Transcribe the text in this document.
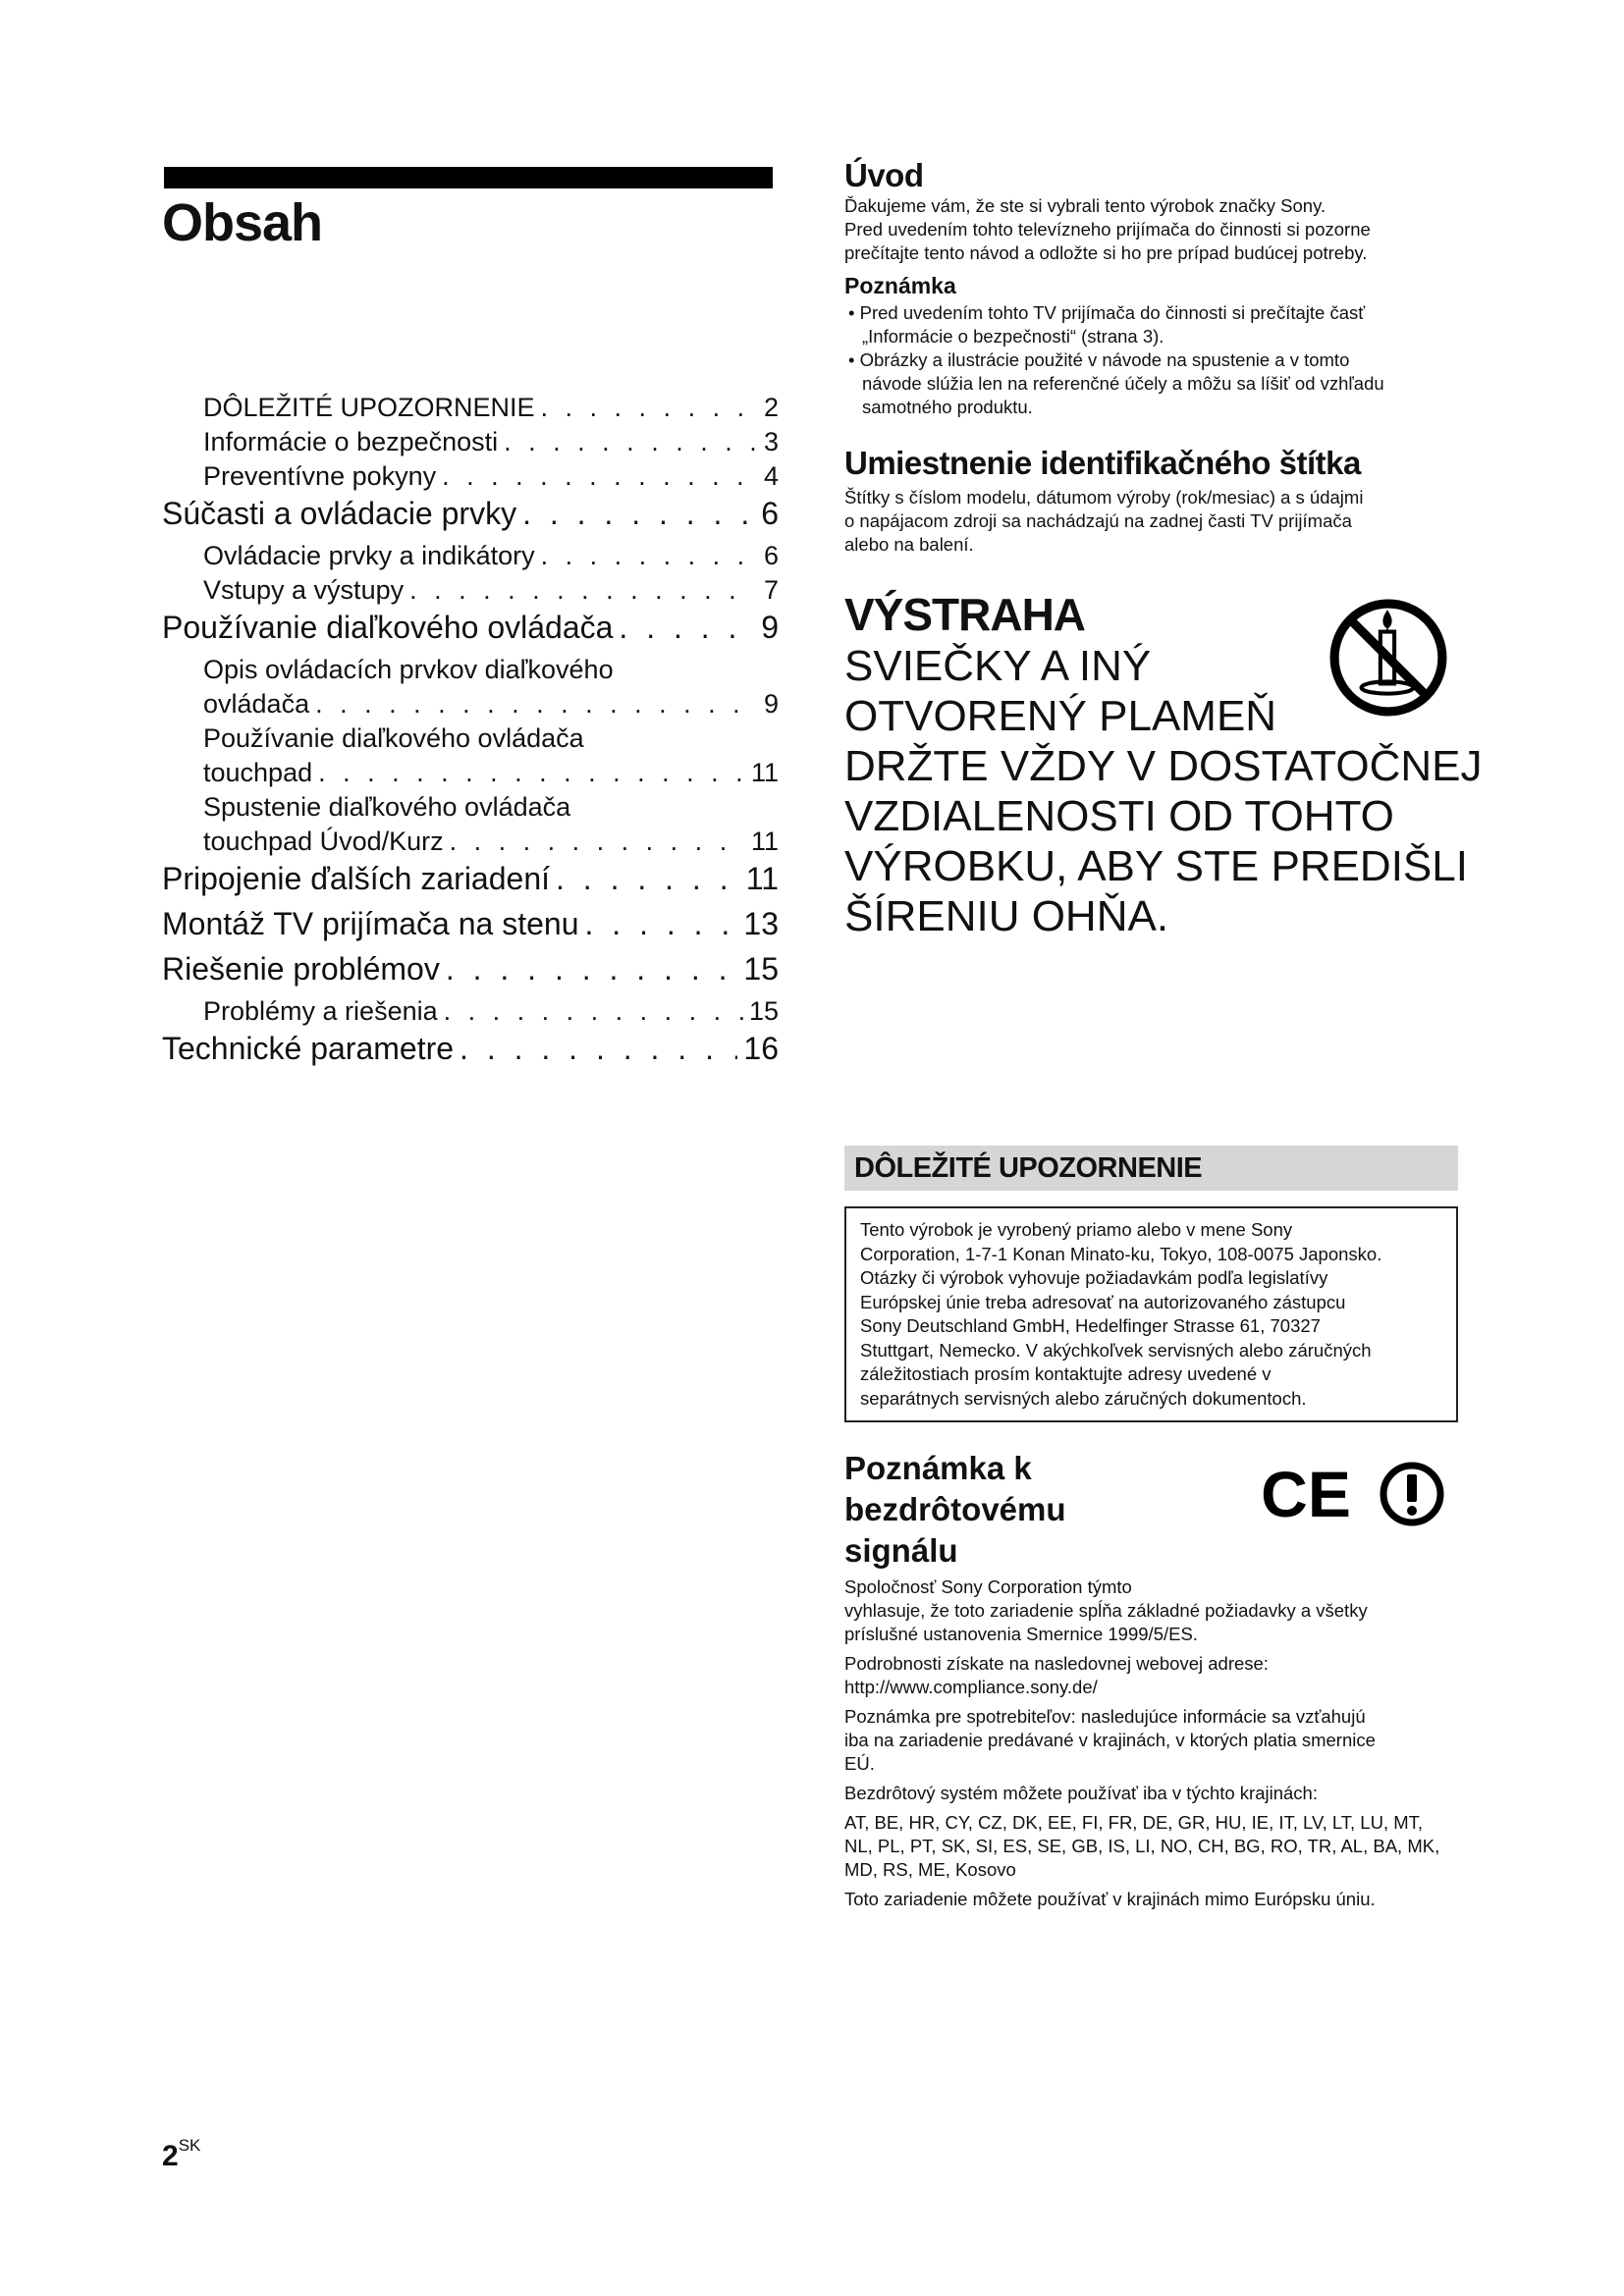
Obsah
DÔLEŽITÉ UPOZORNENIE . . .	2
Informácie o bezpečnosti . . .	3
Preventívne pokyny . . .	4
Súčasti a ovládacie prvky . . .	6
Ovládacie prvky a indikátory . . .	6
Vstupy a výstupy . . .	7
Používanie diaľkového ovládača . . .	9
Opis ovládacích prvkov diaľkového
ovládača . . .	9
Používanie diaľkového ovládača
touchpad . . .	11
Spustenie diaľkového ovládača
touchpad Úvod/Kurz . . .	11
Pripojenie ďalších zariadení . . .	11
Montáž TV prijímača na stenu . . .	13
Riešenie problémov . . .	15
Problémy a riešenia . . .	15
Technické parametre . . .	16
Úvod

Ďakujeme vám, že ste si vybrali tento výrobok značky Sony.

Pred uvedením tohto televízneho prijímača do činnosti si pozorne

prečítajte tento návod a odložte si ho pre prípad budúcej potreby.

Poznámka

• Pred uvedením tohto TV prijímača do činnosti si prečítajte časť

„Informácie o bezpečnosti“ (strana 3).

• Obrázky a ilustrácie použité v návode na spustenie a v tomto

návode slúžia len na referenčné účely a môžu sa líšiť od vzhľadu

samotného produktu.

Umiestnenie identifikačného štítka

Štítky s číslom modelu, dátumom výroby (rok/mesiac) a s údajmi

o napájacom zdroji sa nachádzajú na zadnej časti TV prijímača

alebo na balení.

VÝSTRAHA

SVIEČKY A INÝ

OTVORENÝ PLAMEŇ

DRŽTE VŽDY V DOSTATOČNEJ

VZDIALENOSTI OD TOHTO

VÝROBKU, ABY STE PREDIŠLI

ŠÍRENIU OHŇA.

DÔLEŽITÉ UPOZORNENIE

Tento výrobok je vyrobený priamo alebo v mene Sony

Corporation, 1-7-1 Konan Minato-ku, Tokyo, 108-0075 Japonsko.

Otázky či výrobok vyhovuje požiadavkám podľa legislatívy

Európskej únie treba adresovať na autorizovaného zástupcu

Sony Deutschland GmbH, Hedelfinger Strasse 61, 70327

Stuttgart, Nemecko. V akýchkoľvek servisných alebo záručných

záležitostiach prosím kontaktujte adresy uvedené v

separátnych servisných alebo záručných dokumentoch.

Poznámka k bezdrôtovému
signálu
CE

Spoločnosť Sony Corporation týmto

vyhlasuje, že toto zariadenie spĺňa základné požiadavky a všetky

príslušné ustanovenia Smernice 1999/5/ES.

Podrobnosti získate na nasledovnej webovej adrese:

http://www.compliance.sony.de/

Poznámka pre spotrebiteľov: nasledujúce informácie sa vzťahujú

iba na zariadenie predávané v krajinách, v ktorých platia smernice

EÚ.

Bezdrôtový systém môžete používať iba v týchto krajinách:

AT, BE, HR, CY, CZ, DK, EE, FI, FR, DE, GR, HU, IE, IT, LV, LT, LU, MT,

NL, PL, PT, SK, SI, ES, SE, GB, IS, LI, NO, CH, BG, RO, TR, AL, BA, MK,

MD, RS, ME, Kosovo

Toto zariadenie môžete používať v krajinách mimo Európsku úniu.

$2^{SK}$
